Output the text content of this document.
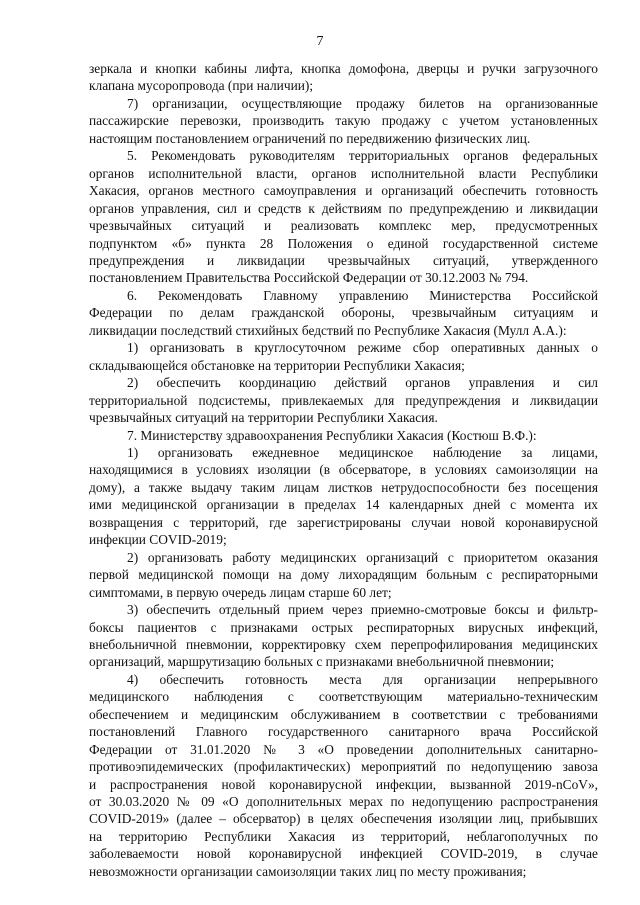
7
зеркала и кнопки кабины лифта, кнопка домофона, дверцы и ручки загрузочного
клапана мусоропровода (при наличии);
7) организации, осуществляющие продажу билетов на организованные
пассажирские перевозки, производить такую продажу с учетом установленных
настоящим постановлением ограничений по передвижению физических лиц.
5. Рекомендовать руководителям территориальных органов федеральных
органов исполнительной власти, органов исполнительной власти Республики
Хакасия, органов местного самоуправления и организаций обеспечить готовность
органов управления, сил и средств к действиям по предупреждению и ликвидации
чрезвычайных ситуаций и реализовать комплекс мер, предусмотренных
подпунктом «б» пункта 28 Положения о единой государственной системе
предупреждения и ликвидации чрезвычайных ситуаций, утвержденного
постановлением Правительства Российской Федерации от 30.12.2003 № 794.
6. Рекомендовать Главному управлению Министерства Российской
Федерации по делам гражданской обороны, чрезвычайным ситуациям и
ликвидации последствий стихийных бедствий по Республике Хакасия (Мулл А.А.):
1) организовать в круглосуточном режиме сбор оперативных данных о
складывающейся обстановке на территории Республики Хакасия;
2) обеспечить координацию действий органов управления и сил
территориальной подсистемы, привлекаемых для предупреждения и ликвидации
чрезвычайных ситуаций на территории Республики Хакасия.
7. Министерству здравоохранения Республики Хакасия (Костюш В.Ф.):
1) организовать ежедневное медицинское наблюдение за лицами,
находящимися в условиях изоляции (в обсерваторе, в условиях самоизоляции на
дому), а также выдачу таким лицам листков нетрудоспособности без посещения
ими медицинской организации в пределах 14 календарных дней с момента их
возвращения с территорий, где зарегистрированы случаи новой коронавирусной
инфекции COVID-2019;
2) организовать работу медицинских организаций с приоритетом оказания
первой медицинской помощи на дому лихорадящим больным с респираторными
симптомами, в первую очередь лицам старше 60 лет;
3) обеспечить отдельный прием через приемно-смотровые боксы и фильтр-
боксы пациентов с признаками острых респираторных вирусных инфекций,
внебольничной пневмонии, корректировку схем перепрофилирования медицинских
организаций, маршрутизацию больных с признаками внебольничной пневмонии;
4) обеспечить готовность места для организации непрерывного
медицинского наблюдения с соответствующим материально-техническим
обеспечением и медицинским обслуживанием в соответствии с требованиями
постановлений Главного государственного санитарного врача Российской
Федерации от 31.01.2020 № 3 «О проведении дополнительных санитарно-
противоэпидемических (профилактических) мероприятий по недопущению завоза
и распространения новой коронавирусной инфекции, вызванной 2019-nCoV»,
от 30.03.2020 № 09 «О дополнительных мерах по недопущению распространения
COVID-2019» (далее – обсерватор) в целях обеспечения изоляции лиц, прибывших
на территорию Республики Хакасия из территорий, неблагополучных по
заболеваемости новой коронавирусной инфекцией COVID-2019, в случае
невозможности организации самоизоляции таких лиц по месту проживания;
